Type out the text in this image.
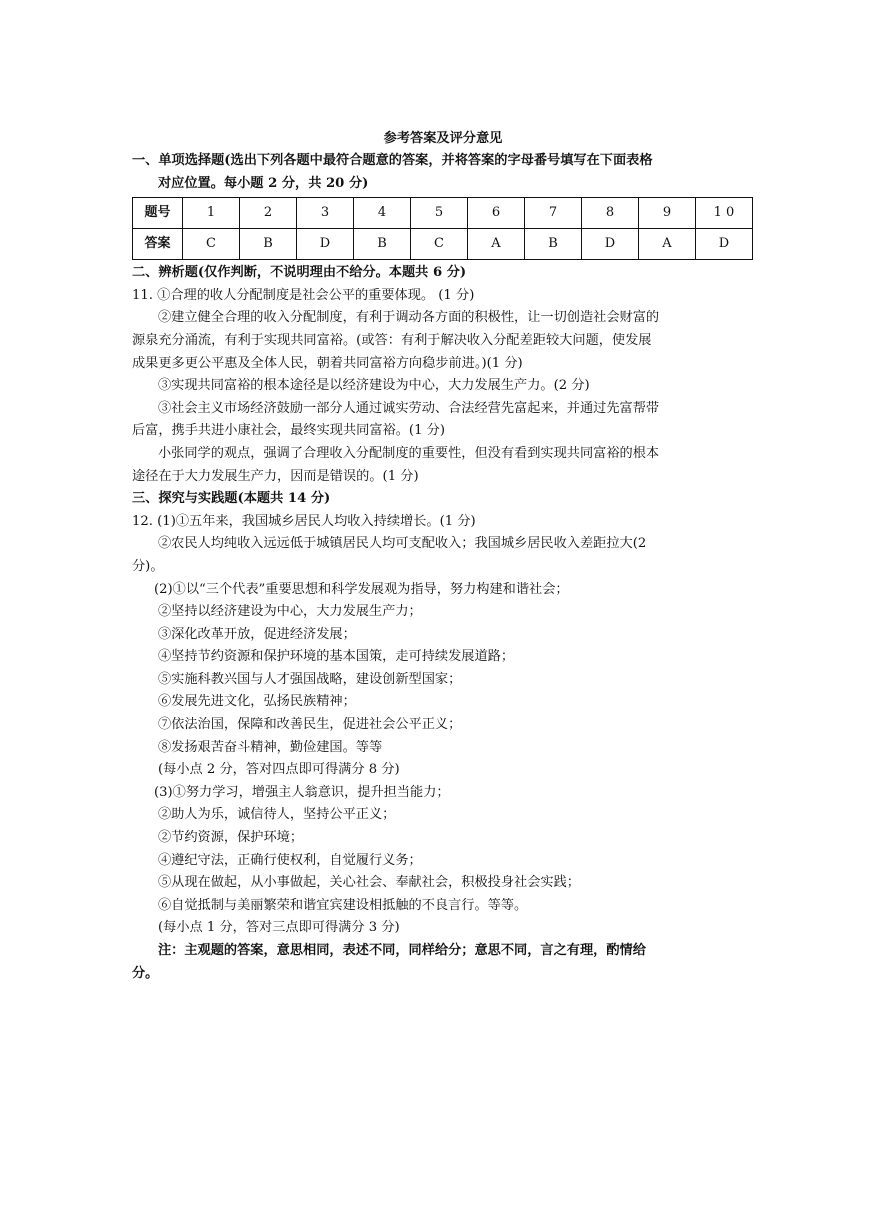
参考答案及评分意见

一、单项选择题(选出下列各题中最符合题意的答案，并将答案的字母番号填写在下面表格

对应位置。每小题 2 分，共 20 分)

题号	1	2	3	4	5	6	7	8	9	1 0
答案	C	B	D	B	C	A	B	D	A	D

二、辨析题(仅作判断，不说明理由不给分。本题共 6 分)

11. ①合理的收人分配制度是社会公平的重要体现。 (1 分)

②建立健全合理的收入分配制度，有利于调动各方面的积极性，让一切创造社会财富的

源泉充分涌流，有利于实现共同富裕。(或答：有利于解决收入分配差距较大问题，使发展

成果更多更公平惠及全体人民，朝着共同富裕方向稳步前进。)(1 分)

③实现共同富裕的根本途径是以经济建设为中心，大力发展生产力。(2 分)

③社会主义市场经济鼓励一部分人通过诚实劳动、合法经营先富起来，并通过先富帮带

后富，携手共进小康社会，最终实现共同富裕。(1 分)

小张同学的观点，强调了合理收入分配制度的重要性，但没有看到实现共同富裕的根本

途径在于大力发展生产力，因而是错误的。(1 分)

三、探究与实践题(本题共 14 分)

12. (1)①五年来，我国城乡居民人均收入持续增长。(1 分)

②农民人均纯收入远远低于城镇居民人均可支配收入；我国城乡居民收入差距拉大(2

分)。

(2)①以“三个代表”重要思想和科学发展观为指导，努力构建和谐社会；

②坚持以经济建设为中心，大力发展生产力；

③深化改革开放，促进经济发展；

④坚持节约资源和保护环境的基本国策，走可持续发展道路；

⑤实施科教兴国与人才强国战略，建设创新型国家；

⑥发展先进文化，弘扬民族精神；

⑦依法治国，保障和改善民生，促进社会公平正义；

⑧发扬艰苦奋斗精神，勤俭建国。等等

(每小点 2 分，答对四点即可得满分 8 分)

(3)①努力学习，增强主人翁意识，提升担当能力；

②助人为乐，诚信待人，坚持公平正义；

②节约资源，保护环境；

④遵纪守法，正确行使权利，自觉履行义务；

⑤从现在做起，从小事做起，关心社会、奉献社会，积极投身社会实践；

⑥自觉抵制与美丽繁荣和谐宜宾建设相抵触的不良言行。等等。

(每小点 1 分，答对三点即可得满分 3 分)

注：主观题的答案，意思相同，表述不同，同样给分；意思不同，言之有理，酌情给

分。
